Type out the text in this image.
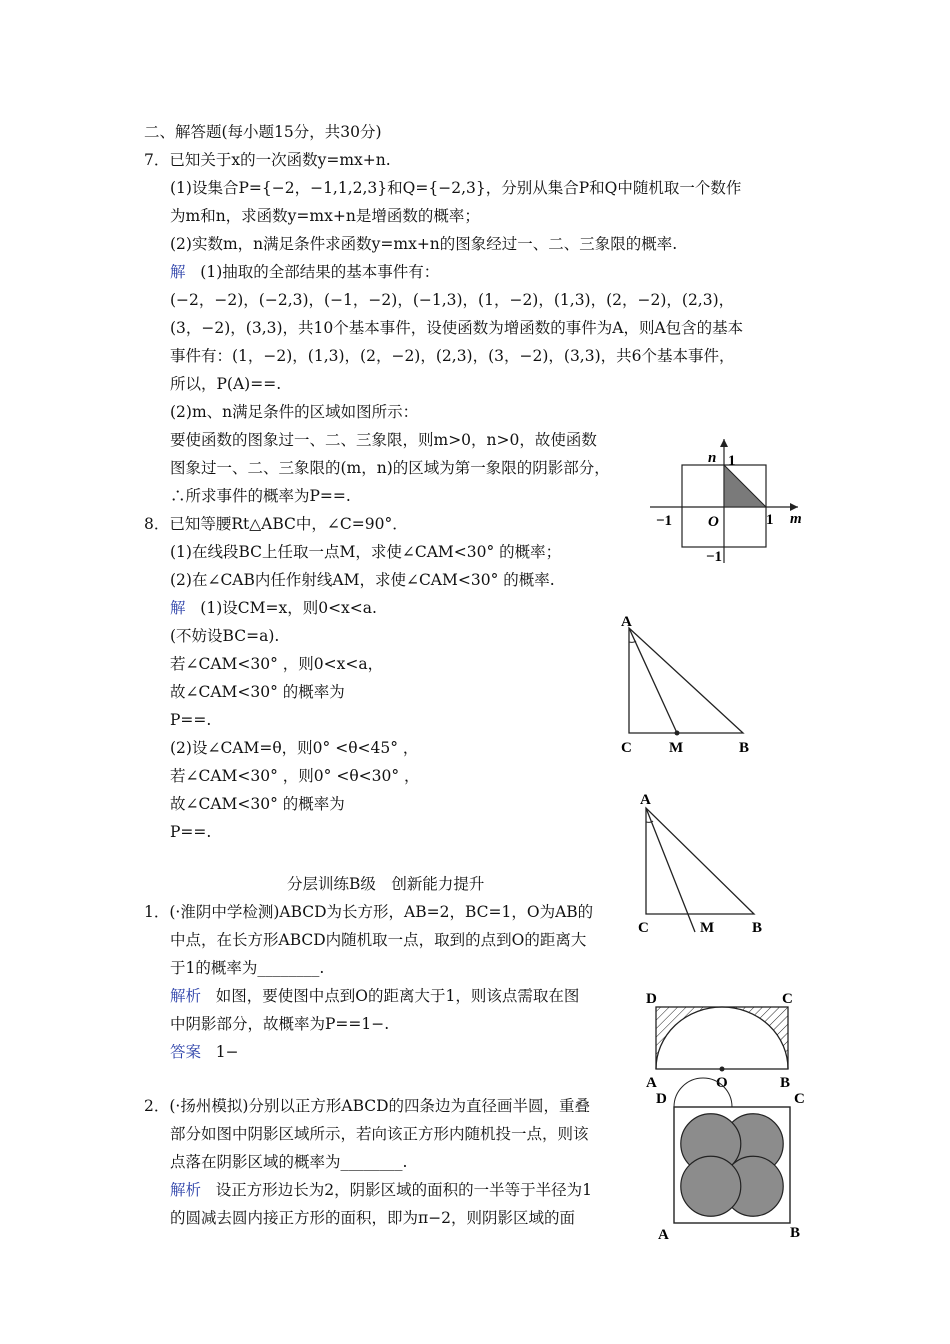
二、解答题(每小题15分，共30分)
7．已知关于x的一次函数y=mx+n.
(1)设集合P={−2，−1,1,2,3}和Q={−2,3}，分别从集合P和Q中随机取一个数作
为m和n，求函数y=mx+n是增函数的概率；
(2)实数m，n满足条件求函数y=mx+n的图象经过一、二、三象限的概率.
解 (1)抽取的全部结果的基本事件有：
(−2，−2)，(−2,3)，(−1，−2)，(−1,3)，(1，−2)，(1,3)，(2，−2)，(2,3)，
(3，−2)，(3,3)，共10个基本事件，设使函数为增函数的事件为A，则A包含的基本
事件有：(1，−2)，(1,3)，(2，−2)，(2,3)，(3，−2)，(3,3)，共6个基本事件，
所以，P(A)==.
(2)m、n满足条件的区域如图所示：
要使函数的图象过一、二、三象限，则m>0，n>0，故使函数
图象过一、二、三象限的(m，n)的区域为第一象限的阴影部分，
∴所求事件的概率为P==.
n 1
−1 O	1 m
−1
8．已知等腰Rt△ABC中，∠C=90°．
(1)在线段BC上任取一点M，求使∠CAM<30° 的概率；
(2)在∠CAB内任作射线AM，求使∠CAM<30° 的概率.
解 (1)设CM=x，则0<x<a.
(不妨设BC=a).
若∠CAM<30° ，则0<x<a，
故∠CAM<30° 的概率为
P==.
(2)设∠CAM=θ，则0° <θ<45° ，
若∠CAM<30° ，则0° <θ<30° ，
故∠CAM<30° 的概率为
P==.
A
C M	B
分层训练B级　创新能力提升
A
C	M	B
1．(·淮阴中学检测)ABCD为长方形，AB=2，BC=1，O为AB的
中点，在长方形ABCD内随机取一点，取到的点到O的距离大
于1的概率为________.
解析 如图，要使图中点到O的距离大于1，则该点需取在图
中阴影部分，故概率为P==1−.
答案 1−
D	C
A	O	B
2．(·扬州模拟)分别以正方形ABCD的四条边为直径画半圆，重叠
部分如图中阴影区域所示，若向该正方形内随机投一点，则该
点落在阴影区域的概率为________.
解析 设正方形边长为2，阴影区域的面积的一半等于半径为1
的圆减去圆内接正方形的面积，即为π−2，则阴影区域的面
D	C
A	B
